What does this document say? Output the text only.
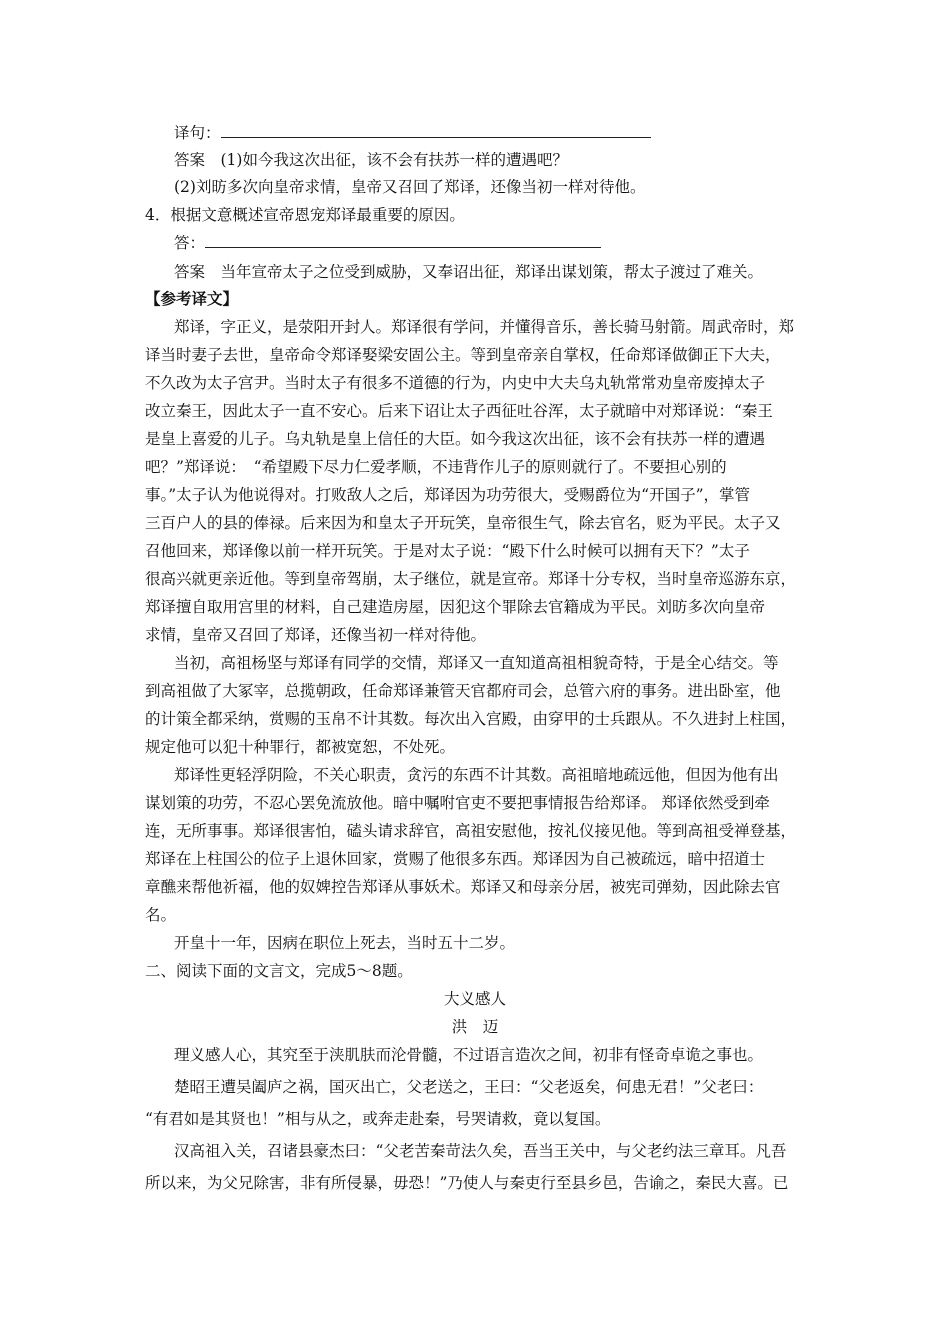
译句：

答案　(1)如今我这次出征，该不会有扶苏一样的遭遇吧？

(2)刘昉多次向皇帝求情，皇帝又召回了郑译，还像当初一样对待他。

4．根据文意概述宣帝恩宠郑译最重要的原因。

答：

答案　当年宣帝太子之位受到威胁，又奉诏出征，郑译出谋划策，帮太子渡过了难关。

【参考译文】

郑译，字正义，是荥阳开封人。郑译很有学问，并懂得音乐，善长骑马射箭。周武帝时，郑

译当时妻子去世，皇帝命令郑译娶梁安固公主。等到皇帝亲自掌权，任命郑译做御正下大夫，

不久改为太子宫尹。当时太子有很多不道德的行为，内史中大夫乌丸轨常常劝皇帝废掉太子

改立秦王，因此太子一直不安心。后来下诏让太子西征吐谷浑，太子就暗中对郑译说：“秦王

是皇上喜爱的儿子。乌丸轨是皇上信任的大臣。如今我这次出征，该不会有扶苏一样的遭遇

吧？”郑译说：　“希望殿下尽力仁爱孝顺，不违背作儿子的原则就行了。不要担心别的

事。”太子认为他说得对。打败敌人之后，郑译因为功劳很大，受赐爵位为“开国子”，掌管

三百户人的县的俸禄。后来因为和皇太子开玩笑，皇帝很生气，除去官名，贬为平民。太子又

召他回来，郑译像以前一样开玩笑。于是对太子说：“殿下什么时候可以拥有天下？”太子

很高兴就更亲近他。等到皇帝驾崩，太子继位，就是宣帝。郑译十分专权，当时皇帝巡游东京，

郑译擅自取用宫里的材料，自己建造房屋，因犯这个罪除去官籍成为平民。刘昉多次向皇帝

求情，皇帝又召回了郑译，还像当初一样对待他。

当初，高祖杨坚与郑译有同学的交情，郑译又一直知道高祖相貌奇特，于是全心结交。等

到高祖做了大冢宰，总揽朝政，任命郑译兼管天官都府司会，总管六府的事务。进出卧室，他

的计策全都采纳，赏赐的玉帛不计其数。每次出入宫殿，由穿甲的士兵跟从。不久进封上柱国，

规定他可以犯十种罪行，都被宽恕，不处死。

郑译性更轻浮阴险，不关心职责，贪污的东西不计其数。高祖暗地疏远他，但因为他有出

谋划策的功劳，不忍心罢免流放他。暗中嘱咐官吏不要把事情报告给郑译。 郑译依然受到牵

连，无所事事。郑译很害怕，磕头请求辞官，高祖安慰他，按礼仪接见他。等到高祖受禅登基，

郑译在上柱国公的位子上退休回家，赏赐了他很多东西。郑译因为自己被疏远，暗中招道士

章醮来帮他祈福，他的奴婢控告郑译从事妖术。郑译又和母亲分居，被宪司弹劾，因此除去官

名。

开皇十一年，因病在职位上死去，当时五十二岁。

二、阅读下面的文言文，完成5～8题。

大义感人

洪　迈

理义感人心，其究至于浃肌肤而沦骨髓，不过语言造次之间，初非有怪奇卓诡之事也。

楚昭王遭吴阖庐之祸，国灭出亡，父老送之，王曰：“父老返矣，何患无君！”父老曰：

“有君如是其贤也！”相与从之，或奔走赴秦，号哭请救，竟以复国。

汉高祖入关，召诸县豪杰曰：“父老苦秦苛法久矣，吾当王关中，与父老约法三章耳。凡吾

所以来，为父兄除害，非有所侵暴，毋恐！”乃使人与秦吏行至县乡邑，告谕之，秦民大喜。已
